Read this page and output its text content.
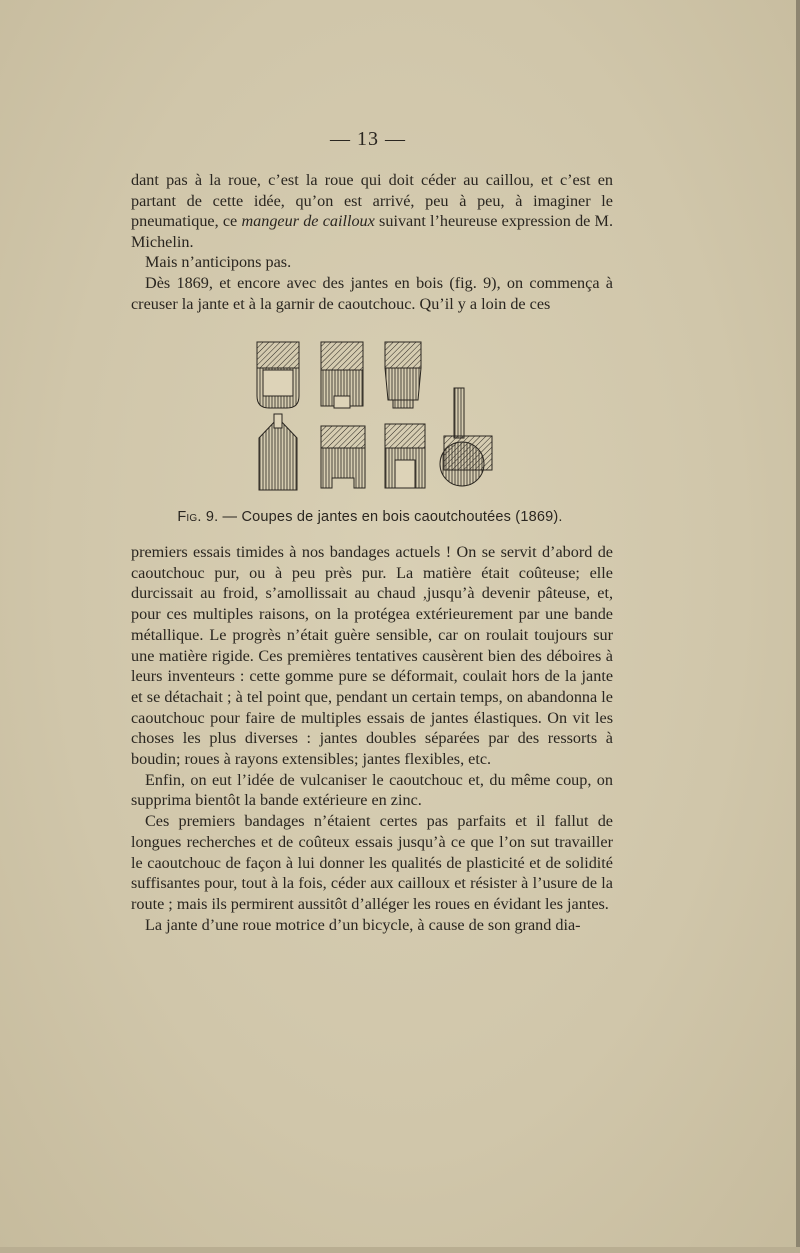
— 13 —

dant pas à la roue, c’est la roue qui doit céder au caillou, et c’est en partant de cette idée, qu’on est arrivé, peu à peu, à imaginer le pneumatique, ce mangeur de cailloux suivant l’heureuse expression de M. Michelin.

Mais n’anticipons pas.

Dès 1869, et encore avec des jantes en bois (fig. 9), on commença à creuser la jante et à la garnir de caoutchouc. Qu’il y a loin de ces

Fig. 9. — Coupes de jantes en bois caoutchoutées (1869).

premiers essais timides à nos bandages actuels ! On se servit d’abord de caoutchouc pur, ou à peu près pur. La matière était coûteuse; elle durcissait au froid, s’amollissait au chaud ,jusqu’à devenir pâteuse, et, pour ces multiples raisons, on la protégea extérieurement par une bande métallique. Le progrès n’était guère sensible, car on roulait toujours sur une matière rigide. Ces premières tentatives causèrent bien des déboires à leurs inventeurs : cette gomme pure se déformait, coulait hors de la jante et se détachait ; à tel point que, pendant un certain temps, on abandonna le caoutchouc pour faire de multiples essais de jantes élastiques. On vit les choses les plus diverses : jantes doubles séparées par des ressorts à boudin; roues à rayons extensibles; jantes flexibles, etc.

Enfin, on eut l’idée de vulcaniser le caoutchouc et, du même coup, on supprima bientôt la bande extérieure en zinc.

Ces premiers bandages n’étaient certes pas parfaits et il fallut de longues recherches et de coûteux essais jusqu’à ce que l’on sut travailler le caoutchouc de façon à lui donner les qualités de plasticité et de solidité suffisantes pour, tout à la fois, céder aux cailloux et résister à l’usure de la route ; mais ils permirent aussitôt d’alléger les roues en évidant les jantes.

La jante d’une roue motrice d’un bicycle, à cause de son grand dia-
